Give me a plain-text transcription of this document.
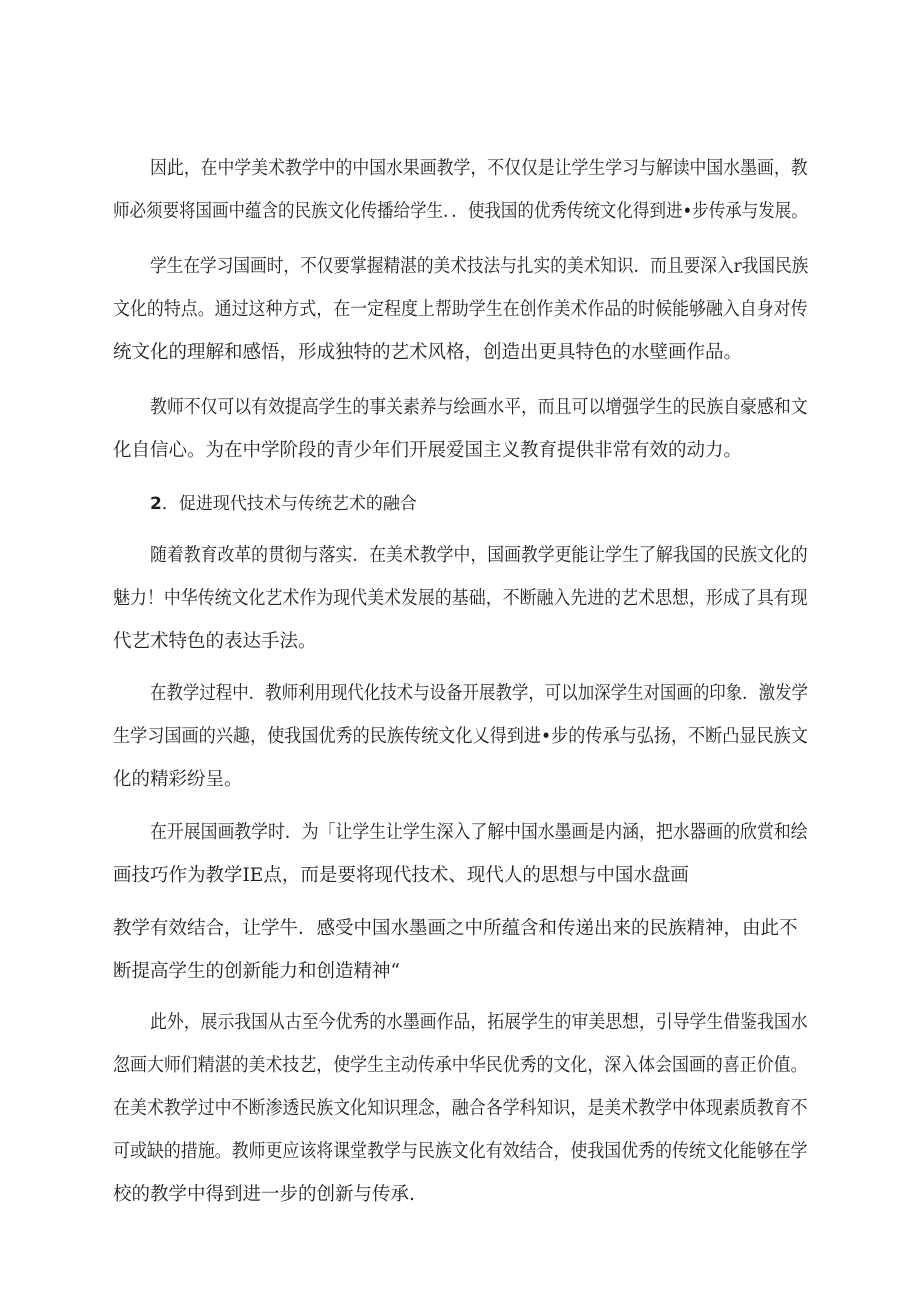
因此，在中学美术教学中的中国水果画教学，不仅仅是让学生学习与解读中国水墨画，教
师必须要将国画中蕴含的民族文化传播给学生．．使我国的优秀传统文化得到进•步传承与发展。
学生在学习国画时，不仅要掌握精湛的美术技法与扎实的美术知识．而且要深入r我国民族
文化的特点。通过这种方式，在一定程度上帮助学生在创作美术作品的时候能够融入自身对传
统文化的理解和感悟，形成独特的艺术风格，创造出更具特色的水壁画作品。
教师不仅可以有效提高学生的事关素养与绘画水平，而且可以增强学生的民族自豪感和文
化自信心。为在中学阶段的青少年们开展爱国主义教育提供非常有效的动力。
2．促进现代技术与传统艺术的融合
随着教育改革的贯彻与落实．在美术教学中，国画教学更能让学生了解我国的民族文化的
魅力！中华传统文化艺术作为现代美术发展的基础，不断融入先进的艺术思想，形成了具有现
代艺术特色的表达手法。
在教学过程中．教师利用现代化技术与设备开展教学，可以加深学生对国画的印象．激发学
生学习国画的兴趣，使我国优秀的民族传统文化乂得到进•步的传承与弘扬，不断凸显民族文
化的精彩纷呈。
在开展国画教学时．为「让学生让学生深入了解中国水墨画是内涵，把水器画的欣赏和绘
画技巧作为教学IE点，而是要将现代技术、现代人的思想与中国水盘画
教学有效结合，让学牛．感受中国水墨画之中所蕴含和传递出来的民族精神，由此不
断提高学生的创新能力和创造精神“
此外，展示我国从古至今优秀的水墨画作品，拓展学生的审美思想，引导学生借鉴我国水
忽画大师们精湛的美术技艺，使学生主动传承中华民优秀的文化，深入体会国画的喜正价值。
在美术教学过中不断渗透民族文化知识理念，融合各学科知识，是美术教学中体现素质教育不
可或缺的措施。教师更应该将课堂教学与民族文化有效结合，使我国优秀的传统文化能够在学
校的教学中得到进一步的创新与传承.
